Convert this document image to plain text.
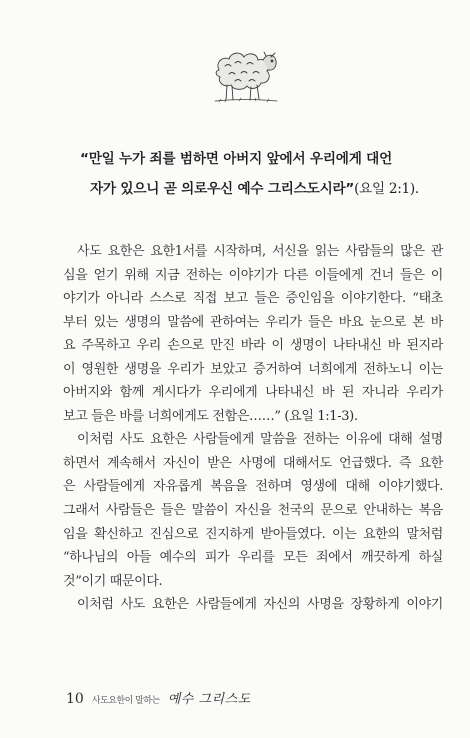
“만일 누가 죄를 범하면 아버지 앞에서 우리에게 대언
자가 있으니 곧 의로우신 예수 그리스도시라”(요일 2:1).
사도 요한은 요한1서를 시작하며, 서신을 읽는 사람들의 많은 관
심을 얻기 위해 지금 전하는 이야기가 다른 이들에게 건너 들은 이
야기가 아니라 스스로 직접 보고 들은 증인임을 이야기한다. “태초
부터 있는 생명의 말씀에 관하여는 우리가 들은 바요 눈으로 본 바
요 주목하고 우리 손으로 만진 바라 이 생명이 나타내신 바 된지라
이 영원한 생명을 우리가 보았고 증거하여 너희에게 전하노니 이는
아버지와 함께 계시다가 우리에게 나타내신 바 된 자니라 우리가
보고 들은 바를 너희에게도 전함은……” (요일 1:1-3).
이처럼 사도 요한은 사람들에게 말씀을 전하는 이유에 대해 설명
하면서 계속해서 자신이 받은 사명에 대해서도 언급했다. 즉 요한
은 사람들에게 자유롭게 복음을 전하며 영생에 대해 이야기했다.
그래서 사람들은 들은 말씀이 자신을 천국의 문으로 안내하는 복음
임을 확신하고 진심으로 진지하게 받아들였다. 이는 요한의 말처럼
“하나님의 아들 예수의 피가 우리를 모든 죄에서 깨끗하게 하실
것”이기 때문이다.
이처럼 사도 요한은 사람들에게 자신의 사명을 장황하게 이야기
10 사도요한이 말하는 예수 그리스도
